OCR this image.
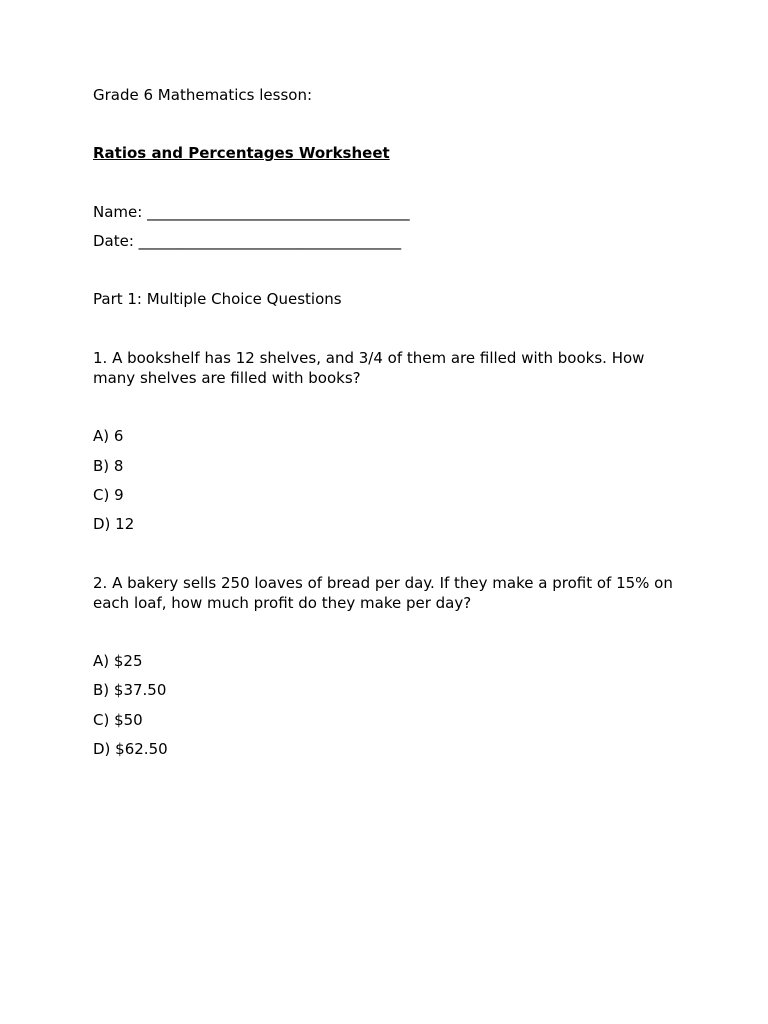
Grade 6 Mathematics lesson:
Ratios and Percentages Worksheet
Name: ___________________________________
Date: ___________________________________
Part 1: Multiple Choice Questions
1. A bookshelf has 12 shelves, and 3/4 of them are filled with books. How many shelves are filled with books?
A) 6
B) 8
C) 9
D) 12
2. A bakery sells 250 loaves of bread per day. If they make a profit of 15% on each loaf, how much profit do they make per day?
A) $25
B) $37.50
C) $50
D) $62.50
